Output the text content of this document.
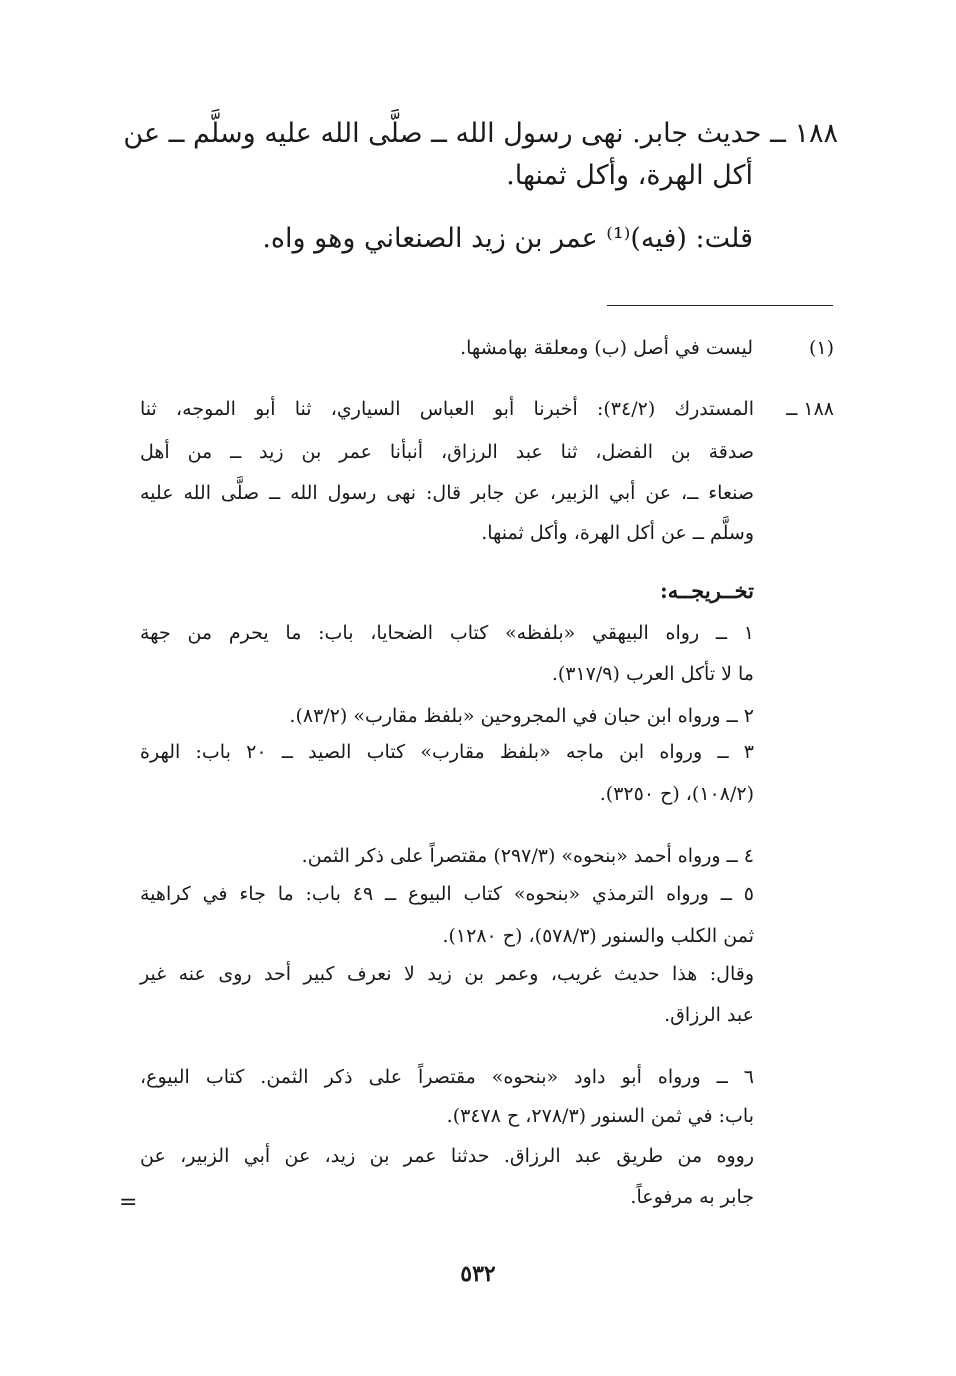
١٨٨ ــ حديث جابر. نهى رسول الله ــ صلَّى الله عليه وسلَّم ــ عن
أكل الهرة، وأكل ثمنها.
قلت: (فيه)⁽¹⁾ عمر بن زيد الصنعاني وهو واه.
(١)
ليست في أصل (ب) ومعلقة بهامشها.
١٨٨ ــ
المستدرك (٣٤/٢): أخبرنا أبو العباس السياري، ثنا أبو الموجه، ثنا
صدقة بن الفضل، ثنا عبد الرزاق، أنبأنا عمر بن زيد ــ من أهل
صنعاء ــ، عن أبي الزبير، عن جابر قال: نهى رسول الله ــ صلَّى الله عليه
وسلَّم ــ عن أكل الهرة، وأكل ثمنها.
تخــريجــه:
١ ــ رواه البيهقي «بلفظه» كتاب الضحايا، باب: ما يحرم من جهة
ما لا تأكل العرب (٣١٧/٩).
٢ ــ ورواه ابن حبان في المجروحين «بلفظ مقارب» (٨٣/٢).
٣ ــ ورواه ابن ماجه «بلفظ مقارب» كتاب الصيد ــ ٢٠ باب: الهرة
(١٠٨/٢)، (ح ٣٢٥٠).
٤ ــ ورواه أحمد «بنحوه» (٢٩٧/٣) مقتصراً على ذكر الثمن.
٥ ــ ورواه الترمذي «بنحوه» كتاب البيوع ــ ٤٩ باب: ما جاء في كراهية
ثمن الكلب والسنور (٥٧٨/٣)، (ح ١٢٨٠).
وقال: هذا حديث غريب، وعمر بن زيد لا نعرف كبير أحد روى عنه غير
عبد الرزاق.
٦ ــ ورواه أبو داود «بنحوه» مقتصراً على ذكر الثمن. كتاب البيوع،
باب: في ثمن السنور (٢٧٨/٣، ح ٣٤٧٨).
رووه من طريق عبد الرزاق. حدثنا عمر بن زيد، عن أبي الزبير، عن
جابر به مرفوعاً.
=
٥٣٢
